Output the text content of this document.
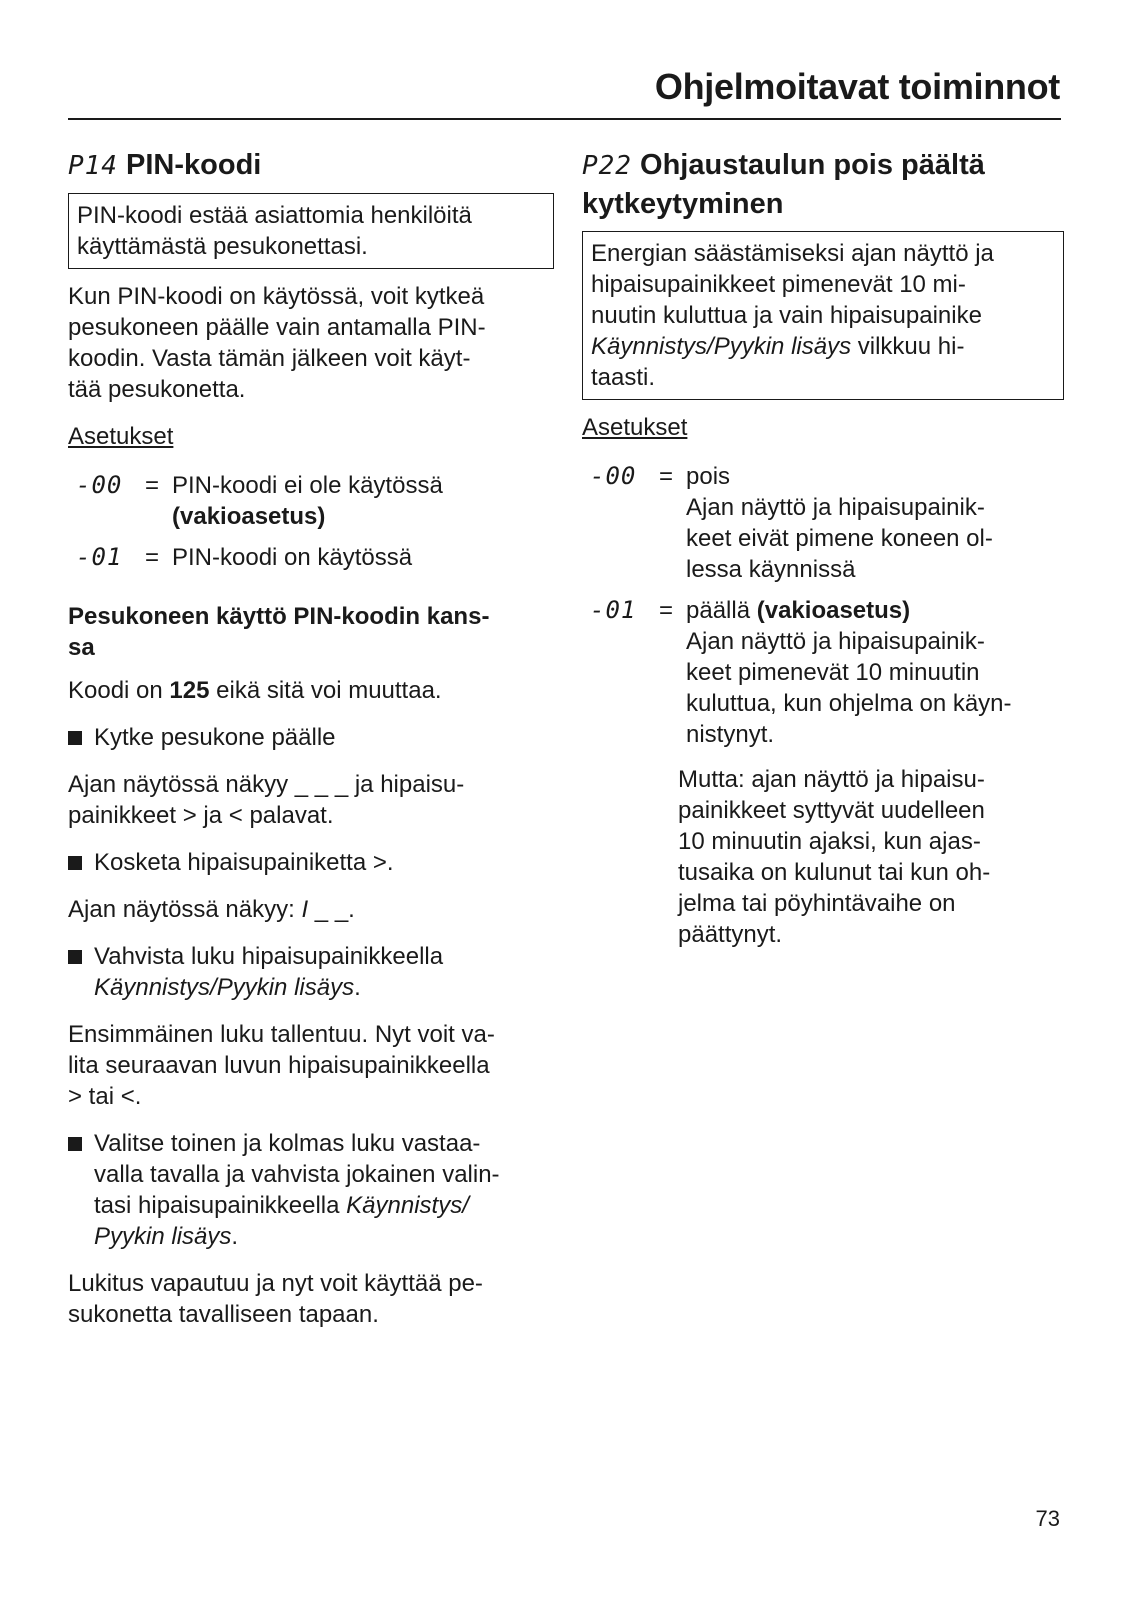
Ohjelmoitavat toiminnot
P14 PIN-koodi
PIN-koodi estää asiattomia henkilöitä
käyttämästä pesukonettasi.

Kun PIN-koodi on käytössä, voit kytkeä
pesukoneen päälle vain antamalla PIN-
koodin. Vasta tämän jälkeen voit käyt-
tää pesukonetta.

Asetukset

-00 = PIN-koodi ei ole käytössä
(vakioasetus)
-01 = PIN-koodi on käytössä
Pesukoneen käyttö PIN-koodin kans-
sa

Koodi on 125 eikä sitä voi muuttaa.

Kytke pesukone päälle

Ajan näytössä näkyy _ _ _ ja hipaisu-
painikkeet > ja < palavat.

Kosketa hipaisupainiketta >.

Ajan näytössä näkyy: I _ _.

Vahvista luku hipaisupainikkeella
Käynnistys/Pyykin lisäys.

Ensimmäinen luku tallentuu. Nyt voit va-
lita seuraavan luvun hipaisupainikkeella
> tai <.

Valitse toinen ja kolmas luku vastaa-
valla tavalla ja vahvista jokainen valin-
tasi hipaisupainikkeella Käynnistys/
Pyykin lisäys.

Lukitus vapautuu ja nyt voit käyttää pe-
sukonetta tavalliseen tapaan.

P22 Ohjaustaulun pois päältä
kytkeytyminen
Energian säästämiseksi ajan näyttö ja
hipaisupainikkeet pimenevät 10 mi-
nuutin kuluttua ja vain hipaisupainike
Käynnistys/Pyykin lisäys vilkkuu hi-
taasti.

Asetukset

-00 = pois
Ajan näyttö ja hipaisupainik-
keet eivät pimene koneen ol-
lessa käynnissä
-01 = päällä (vakioasetus)
Ajan näyttö ja hipaisupainik-
keet pimenevät 10 minuutin
kuluttua, kun ohjelma on käyn-
nistynyt.

Mutta: ajan näyttö ja hipaisu-
painikkeet syttyvät uudelleen
10 minuutin ajaksi, kun ajas-
tusaika on kulunut tai kun oh-
jelma tai pöyhintävaihe on
päättynyt.

73
